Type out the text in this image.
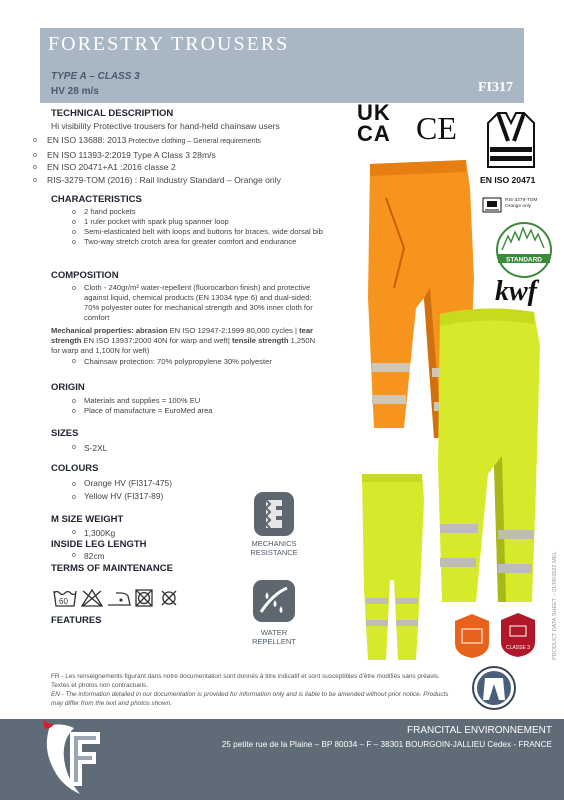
FORESTRY TROUSERS
TYPE A – CLASS 3
HV 28 m/s	FI317
TECHNICAL DESCRIPTION
Hi visibility Protective trousers for hand-held chainsaw users
o EN ISO 13688: 2013 Protective clothing – General requirements
o EN ISO 11393-2:2019 Type A Class 3 28m/s
o EN ISO 20471+A1 :2016 classe 2
o RIS-3279-TOM (2016) : Rail Industry Standard – Orange only
CHARACTERISTICS
o 2 hand pockets
o 1 ruler pocket with spark plug spanner loop
o Semi-elasticated belt with loops and buttons for braces, wide dorsal bib
o Two-way stretch crotch area for greater comfort and endurance
COMPOSITION
o Cloth - 240gr/m² water-repellent (fluorocarbon finish) and protective against liquid, chemical products (EN 13034 type 6) and dual-sided: 70% polyester outer for mechanical strength and 30% inner cloth for comfort
Mechanical properties: abrasion EN ISO 12947-2:1999 80,000 cycles | tear strength EN ISO 13937:2000 40N for warp and weft| tensile strength 1,250N for warp and 1,100N for weft)
o Chainsaw protection: 70% polypropylene 30% polyester
ORIGIN
o Materials and supplies = 100% EU
o Place of manufacture = EuroMed area
SIZES
o S-2XL
COLOURS
o Orange HV (FI317-475)
o Yellow HV (FI317-89)
M SIZE WEIGHT
o 1,300Kg
INSIDE LEG LENGTH
o 82cm
TERMS OF MAINTENANCE
60
FEATURES
MECHANICS
RESISTANCE
WATER
REPELLENT
UK
CA CE
EN ISO 20471
RIS-3279-TOM
Orange only
STANDARD
kwf
CLASSE 3	PRODUCT DATA SHEET – 21/09/2022 MEL
FR - Les renseignements figurant dans notre documentation sont donnés à titre indicatif et sont susceptibles d'être modifiés sans préavis. Textes et photos non contractuels.
EN - The information detailed in our documentation is provided for information only and is liable to be amended without prior notice. Products may differ from the text and photos shown.
FRANCITAL ENVIRONNEMENT
25 petite rue de la Plaine – BP 80034 – F – 38301 BOURGOIN-JALLIEU Cedex - FRANCE
